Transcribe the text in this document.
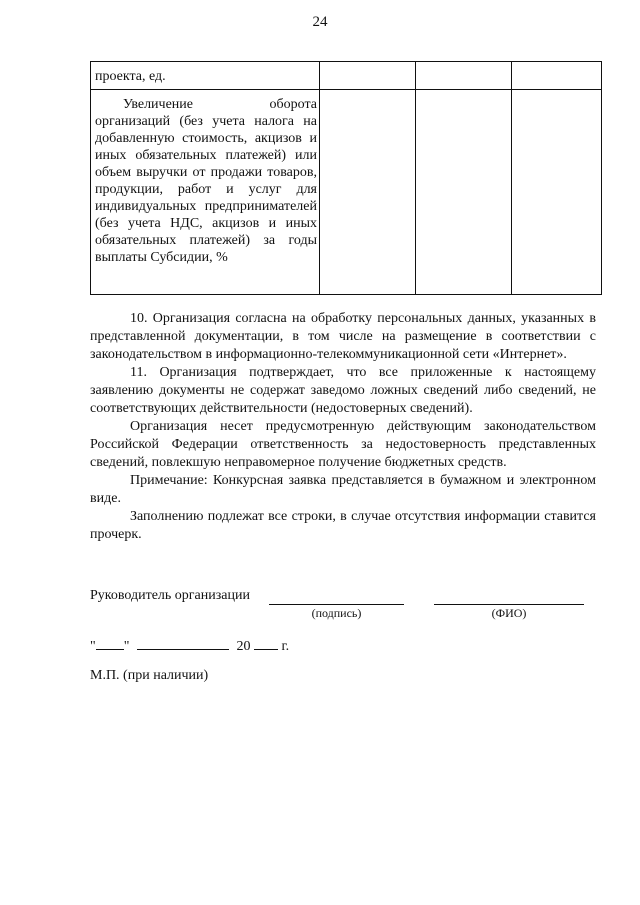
24
проекта, ед.			

Увеличение оборота организаций (без учета налога на добавленную стоимость, акцизов и иных обязательных платежей) или объем выручки от продажи товаров, продукции, работ и услуг для индивидуальных предпринимателей (без учета НДС, акцизов и иных обязательных платежей) за годы выплаты Субсидии, %			

10. Организация согласна на обработку персональных данных, указанных в представленной документации, в том числе на размещение в соответствии с законодательством в информационно-телекоммуникационной сети «Интернет».

11. Организация подтверждает, что все приложенные к настоящему заявлению документы не содержат заведомо ложных сведений либо сведений, не соответствующих действительности (недостоверных сведений).

Организация несет предусмотренную действующим законодательством Российской Федерации ответственность за недостоверность представленных сведений, повлекшую неправомерное получение бюджетных средств.

Примечание: Конкурсная заявка представляется в бумажном и электронном виде.

Заполнению подлежат все строки, в случае отсутствия информации ставится прочерк.

Руководитель организации
(подпись)	(ФИО)
" "	20 г.
М.П. (при наличии)
